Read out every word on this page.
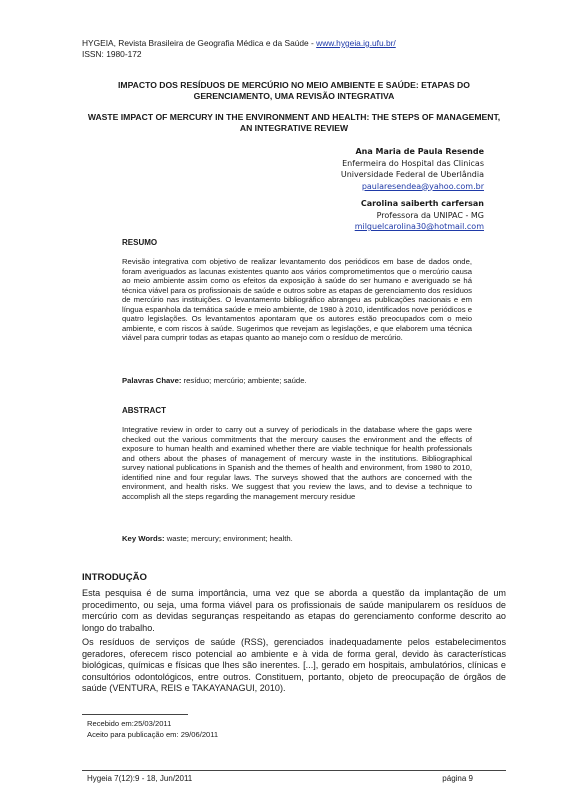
HYGEIA, Revista Brasileira de Geografia Médica e da Saúde - www.hygeia.ig.ufu.br/
ISSN: 1980-172
IMPACTO DOS RESÍDUOS DE MERCÚRIO NO MEIO AMBIENTE E SAÚDE: ETAPAS DO GERENCIAMENTO, UMA REVISÃO INTEGRATIVA
WASTE IMPACT OF MERCURY IN THE ENVIRONMENT AND HEALTH: THE STEPS OF MANAGEMENT, AN INTEGRATIVE REVIEW
Ana Maria de Paula Resende
Enfermeira do Hospital das Clinicas
Universidade Federal de Uberlândia
paularesendea@yahoo.com.br
Carolina saiberth carfersan
Professora da UNIPAC - MG
milguelcarolina30@hotmail.com
RESUMO
Revisão integrativa com objetivo de realizar levantamento dos periódicos em base de dados onde, foram averiguados as lacunas existentes quanto aos vários comprometimentos que o mercúrio causa ao meio ambiente assim como os efeitos da exposição à saúde do ser humano e averiguado se há técnica viável para os profissionais de saúde e outros sobre as etapas de gerenciamento dos resíduos de mercúrio nas instituições. O levantamento bibliográfico abrangeu as publicações nacionais e em língua espanhola da temática saúde e meio ambiente, de 1980 à 2010, identificados nove periódicos e quatro legislações. Os levantamentos apontaram que os autores estão preocupados com o meio ambiente, e com riscos à saúde. Sugerimos que revejam as legislações, e que elaborem uma técnica viável para cumprir todas as etapas quanto ao manejo com o resíduo de mercúrio.
Palavras Chave: resíduo; mercúrio; ambiente; saúde.
ABSTRACT
Integrative review in order to carry out a survey of periodicals in the database where the gaps were checked out the various commitments that the mercury causes the environment and the effects of exposure to human health and examined whether there are viable technique for health professionals and others about the phases of management of mercury waste in the institutions. Bibliographical survey national publications in Spanish and the themes of health and environment, from 1980 to 2010, identified nine and four regular laws. The surveys showed that the authors are concerned with the environment, and health risks. We suggest that you review the laws, and to devise a technique to accomplish all the steps regarding the management mercury residue
Key Words: waste; mercury; environment; health.
INTRODUÇÃO
Esta pesquisa é de suma importância, uma vez que se aborda a questão da implantação de um procedimento, ou seja, uma forma viável para os profissionais de saúde manipularem os resíduos de mercúrio com as devidas seguranças respeitando as etapas do gerenciamento conforme descrito ao longo do trabalho.
Os resíduos de serviços de saúde (RSS), gerenciados inadequadamente pelos estabelecimentos geradores, oferecem risco potencial ao ambiente e à vida de forma geral, devido às características biológicas, químicas e físicas que lhes são inerentes. [...], gerado em hospitais, ambulatórios, clínicas e consultórios odontológicos, entre outros. Constituem, portanto, objeto de preocupação de órgãos de saúde (VENTURA, REIS e TAKAYANAGUI, 2010).
Recebido em:25/03/2011
Aceito para publicação em: 29/06/2011
Hygeia 7(12):9 - 18, Jun/2011	página 9
